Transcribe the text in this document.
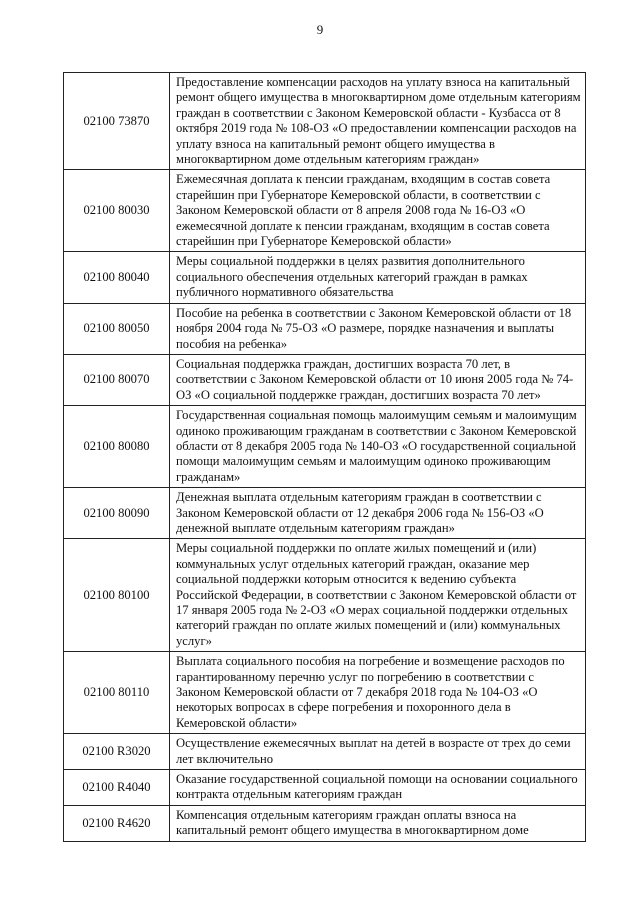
9
02100 73870	Предоставление компенсации расходов на уплату взноса на капитальный ремонт общего имущества в многоквартирном доме отдельным категориям граждан в соответствии с Законом Кемеровской области - Кузбасса от 8 октября 2019 года № 108-ОЗ «О предоставлении компенсации расходов на уплату взноса на капитальный ремонт общего имущества в многоквартирном доме отдельным категориям граждан»
02100 80030	Ежемесячная доплата к пенсии гражданам, входящим в состав совета старейшин при Губернаторе Кемеровской области, в соответствии с Законом Кемеровской области от 8 апреля 2008 года № 16-ОЗ «О ежемесячной доплате к пенсии гражданам, входящим в состав совета старейшин при Губернаторе Кемеровской области»
02100 80040	Меры социальной поддержки в целях развития дополнительного социального обеспечения отдельных категорий граждан в рамках публичного нормативного обязательства
02100 80050	Пособие на ребенка в соответствии с Законом Кемеровской области от 18 ноября 2004 года № 75-ОЗ «О размере, порядке назначения и выплаты пособия на ребенка»
02100 80070	Социальная поддержка граждан, достигших возраста 70 лет, в соответствии с Законом Кемеровской области от 10 июня 2005 года № 74-ОЗ «О социальной поддержке граждан, достигших возраста 70 лет»
02100 80080	Государственная социальная помощь малоимущим семьям и малоимущим одиноко проживающим гражданам в соответствии с Законом Кемеровской области от 8 декабря 2005 года № 140-ОЗ «О государственной социальной помощи малоимущим семьям и малоимущим одиноко проживающим гражданам»
02100 80090	Денежная выплата отдельным категориям граждан в соответствии с Законом Кемеровской области от 12 декабря 2006 года № 156-ОЗ «О денежной выплате отдельным категориям граждан»
02100 80100	Меры социальной поддержки по оплате жилых помещений и (или) коммунальных услуг отдельных категорий граждан, оказание мер социальной поддержки которым относится к ведению субъекта Российской Федерации, в соответствии с Законом Кемеровской области от 17 января 2005 года № 2-ОЗ «О мерах социальной поддержки отдельных категорий граждан по оплате жилых помещений и (или) коммунальных услуг»
02100 80110	Выплата социального пособия на погребение и возмещение расходов по гарантированному перечню услуг по погребению в соответствии с Законом Кемеровской области от 7 декабря 2018 года № 104-ОЗ «О некоторых вопросах в сфере погребения и похоронного дела в Кемеровской области»
02100 R3020	Осуществление ежемесячных выплат на детей в возрасте от трех до семи лет включительно
02100 R4040	Оказание государственной социальной помощи на основании социального контракта отдельным категориям граждан
02100 R4620	Компенсация отдельным категориям граждан оплаты взноса на капитальный ремонт общего имущества в многоквартирном доме
